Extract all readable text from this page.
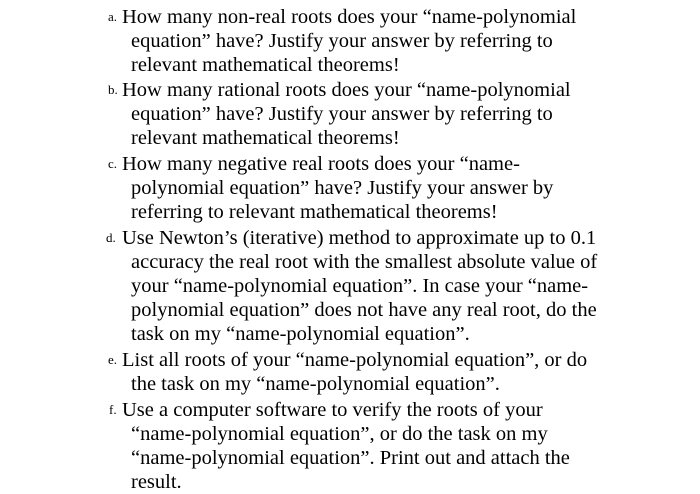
a. How many non-real roots does your “name-polynomial
equation” have? Justify your answer by referring to
relevant mathematical theorems!
b. How many rational roots does your “name-polynomial
equation” have? Justify your answer by referring to
relevant mathematical theorems!
c. How many negative real roots does your “name-
polynomial equation” have? Justify your answer by
referring to relevant mathematical theorems!
d. Use Newton’s (iterative) method to approximate up to 0.1
accuracy the real root with the smallest absolute value of
your “name-polynomial equation”. In case your “name-
polynomial equation” does not have any real root, do the
task on my “name-polynomial equation”.
e. List all roots of your “name-polynomial equation”, or do
the task on my “name-polynomial equation”.
f. Use a computer software to verify the roots of your
“name-polynomial equation”, or do the task on my
“name-polynomial equation”. Print out and attach the
result.
